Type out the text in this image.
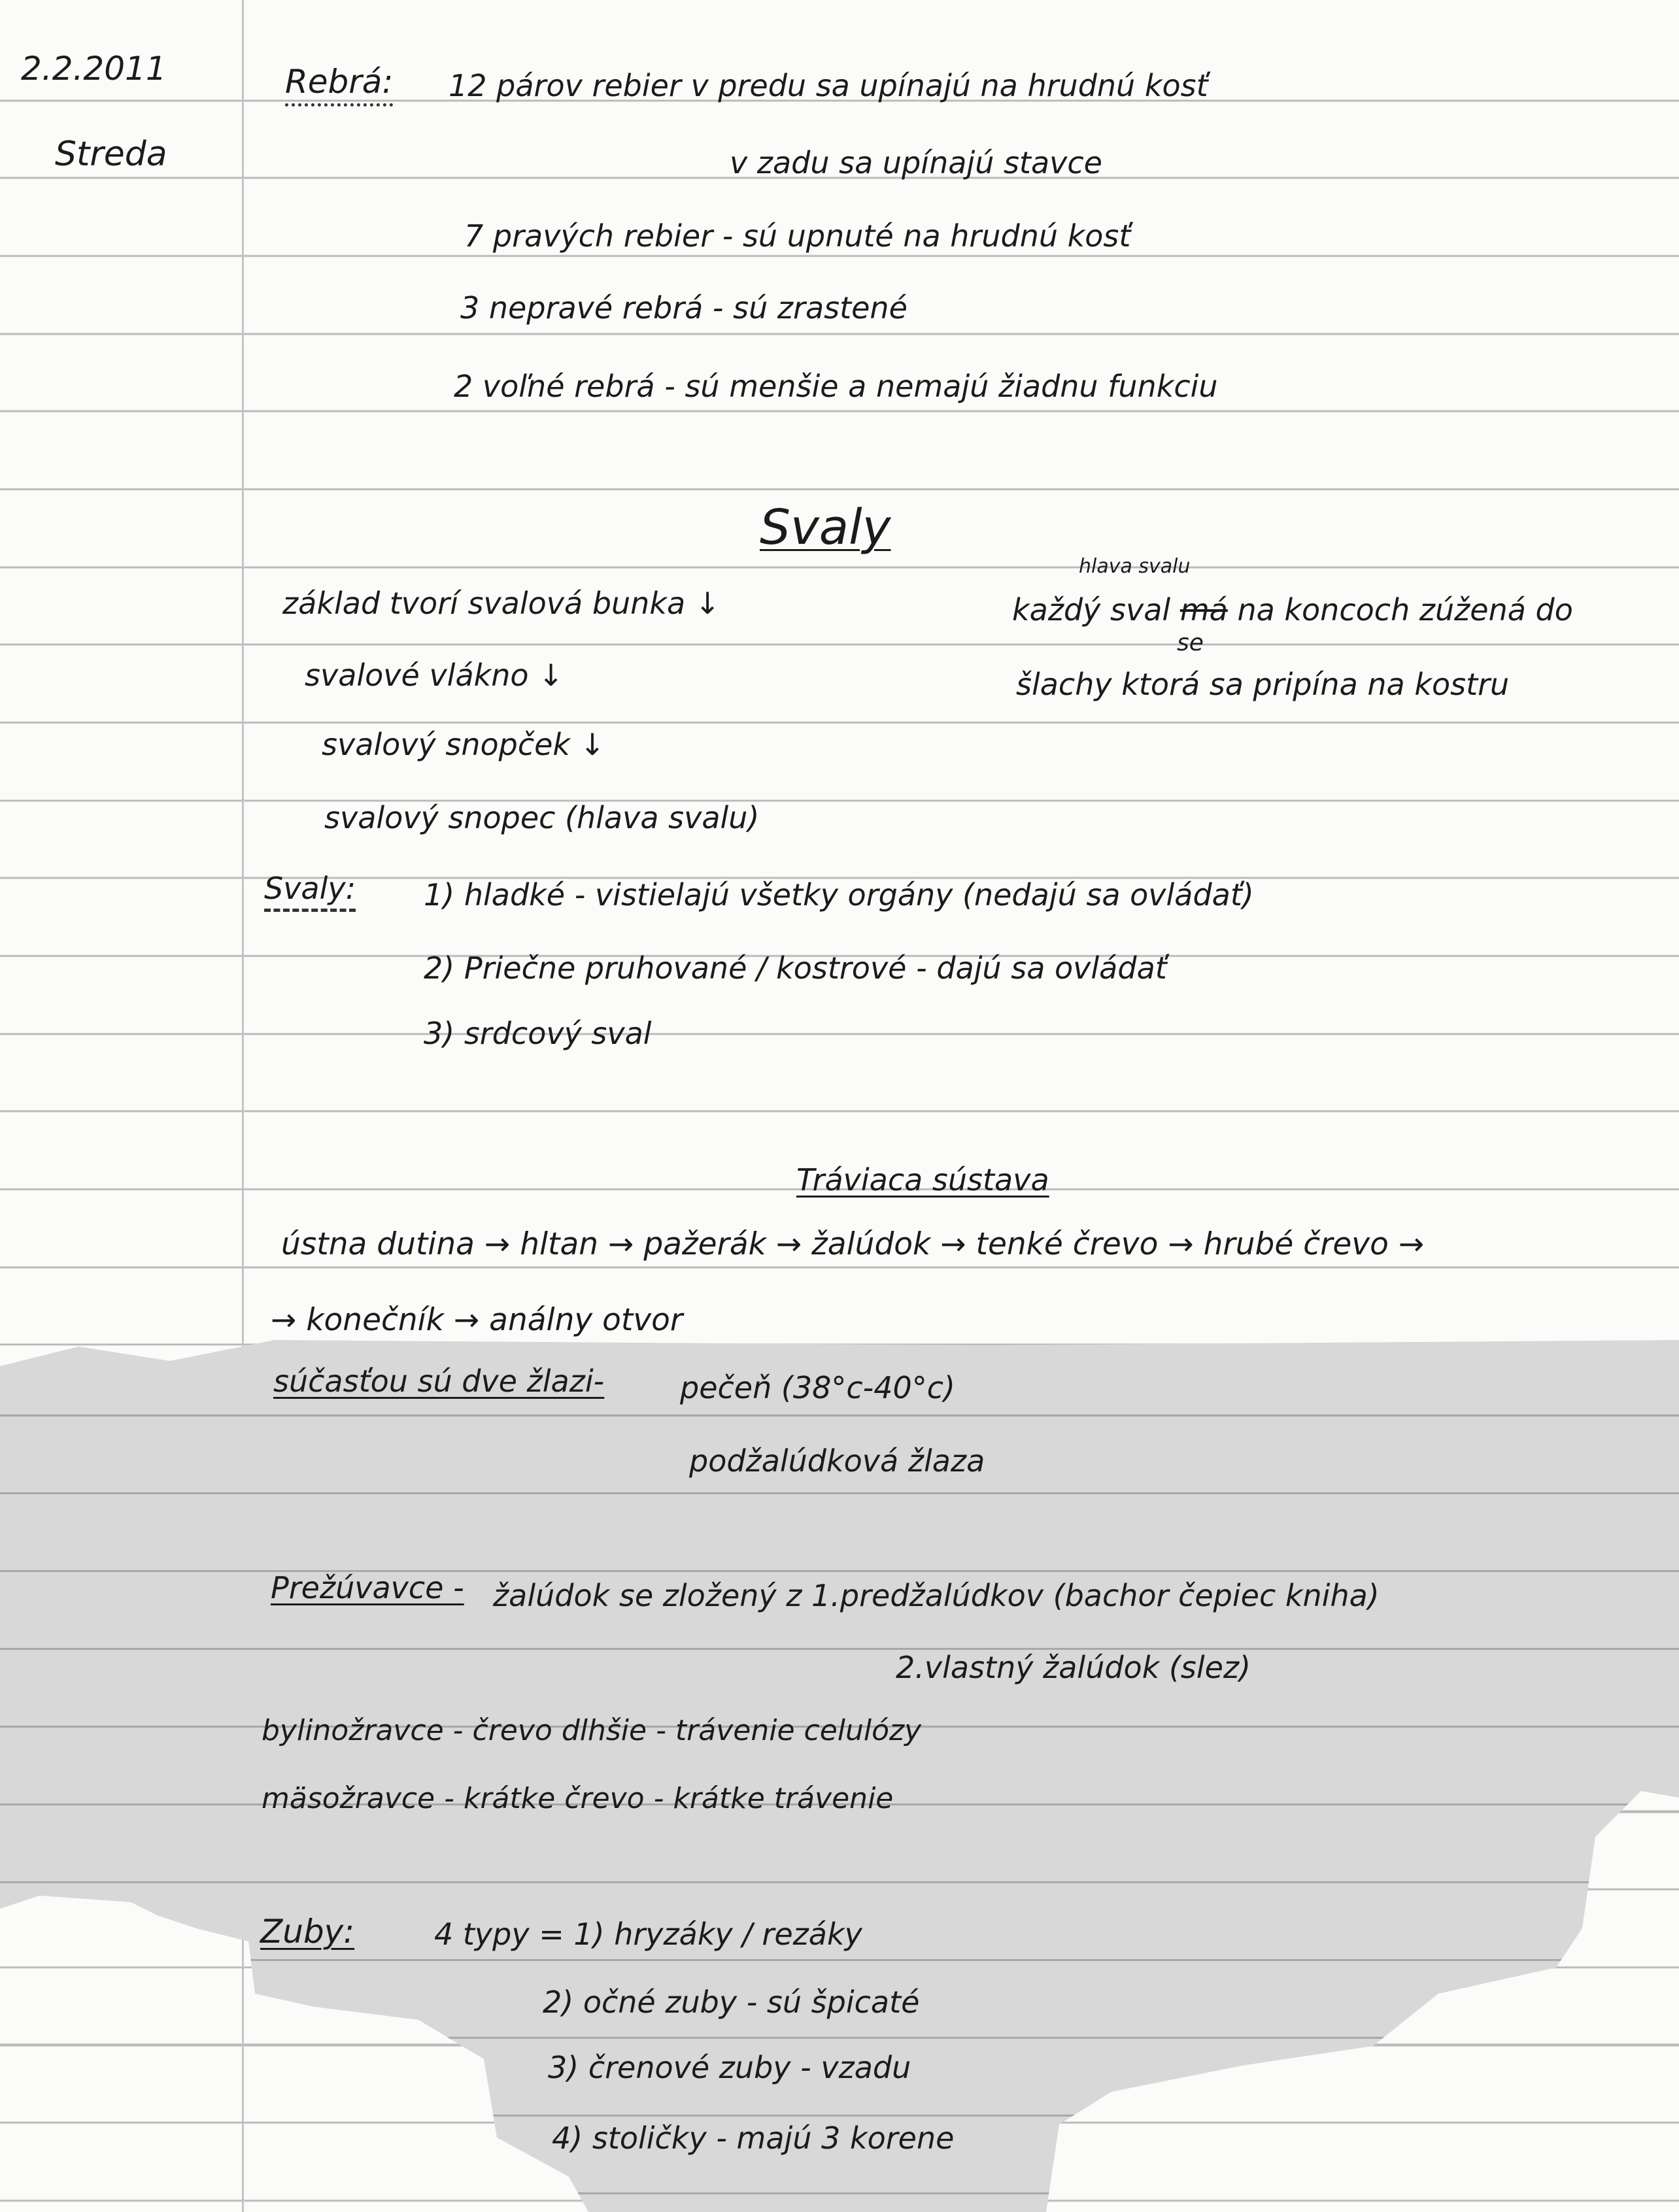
2.2.2011
Streda
Rebrá: 12 párov rebier v predu sa upínajú na hrudnú kosť
v zadu sa upínajú stavce
7 pravých rebier - sú upnuté na hrudnú kosť
3 nepravé rebrá - sú zrastené
2 voľné rebrá - sú menšie a nemajú žiadnu funkciu
Svaly
základ tvorí svalová bunka ↓
svalové vlákno ↓
svalový snopček ↓
svalový snopec (hlava svalu)
hlava svalu
každý sval má na koncoch zúžená do
se
šlachy ktorá sa pripína na kostru
Svaly: 1) hladké - vistielajú všetky orgány (nedajú sa ovládať)
2) Priečne pruhované / kostrové - dajú sa ovládať
3) srdcový sval
Tráviaca sústava
ústna dutina → hltan → pažerák → žalúdok → tenké črevo → hrubé črevo →
→ konečník → análny otvor
súčasťou sú dve žlazi-	pečeň (38°c-40°c)
podžalúdková žlaza
Prežúvavce - žalúdok se zložený z 1.predžalúdkov (bachor čepiec kniha)
2.vlastný žalúdok (slez)
bylinožravce - črevo dlhšie - trávenie celulózy
mäsožravce - krátke črevo - krátke trávenie
Zuby:	4 typy = 1) hryzáky / rezáky
2) očné zuby - sú špicaté
3) črenové zuby - vzadu
4) stoličky - majú 3 korene
